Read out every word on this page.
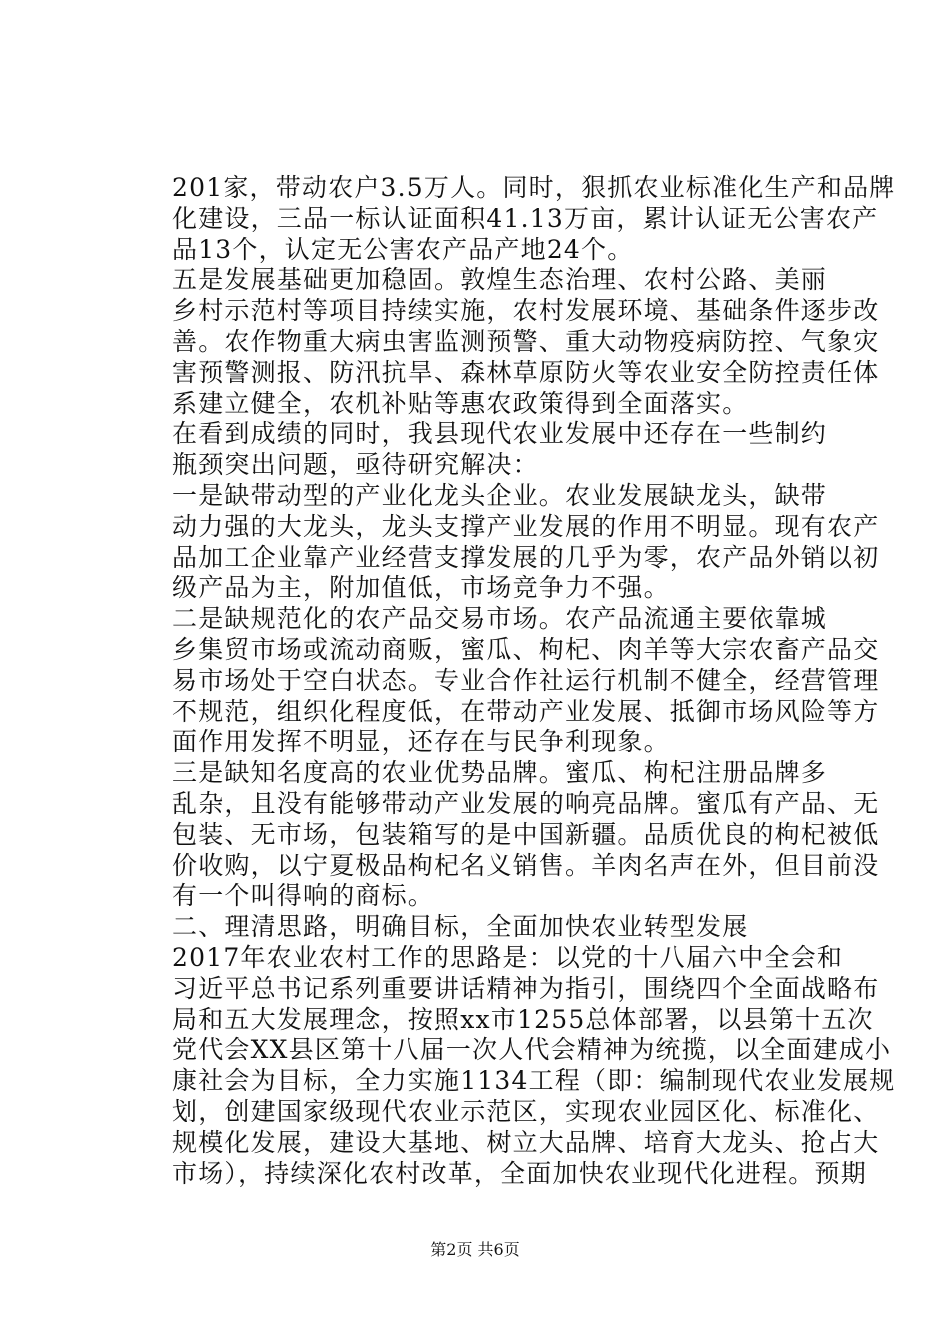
201家，带动农户3.5万人。同时，狠抓农业标准化生产和品牌
化建设，三品一标认证面积41.13万亩，累计认证无公害农产
品13个，认定无公害农产品产地24个。
五是发展基础更加稳固。敦煌生态治理、农村公路、美丽
乡村示范村等项目持续实施，农村发展环境、基础条件逐步改
善。农作物重大病虫害监测预警、重大动物疫病防控、气象灾
害预警测报、防汛抗旱、森林草原防火等农业安全防控责任体
系建立健全，农机补贴等惠农政策得到全面落实。
在看到成绩的同时，我县现代农业发展中还存在一些制约
瓶颈突出问题，亟待研究解决：
一是缺带动型的产业化龙头企业。农业发展缺龙头，缺带
动力强的大龙头，龙头支撑产业发展的作用不明显。现有农产
品加工企业靠产业经营支撑发展的几乎为零，农产品外销以初
级产品为主，附加值低，市场竞争力不强。
二是缺规范化的农产品交易市场。农产品流通主要依靠城
乡集贸市场或流动商贩，蜜瓜、枸杞、肉羊等大宗农畜产品交
易市场处于空白状态。专业合作社运行机制不健全，经营管理
不规范，组织化程度低，在带动产业发展、抵御市场风险等方
面作用发挥不明显，还存在与民争利现象。
三是缺知名度高的农业优势品牌。蜜瓜、枸杞注册品牌多
乱杂，且没有能够带动产业发展的响亮品牌。蜜瓜有产品、无
包装、无市场，包装箱写的是中国新疆。品质优良的枸杞被低
价收购，以宁夏极品枸杞名义销售。羊肉名声在外，但目前没
有一个叫得响的商标。
二、理清思路，明确目标，全面加快农业转型发展
2017年农业农村工作的思路是：以党的十八届六中全会和
习近平总书记系列重要讲话精神为指引，围绕四个全面战略布
局和五大发展理念，按照xx市1255总体部署，以县第十五次
党代会XX县区第十八届一次人代会精神为统揽，以全面建成小
康社会为目标，全力实施1134工程（即：编制现代农业发展规
划，创建国家级现代农业示范区，实现农业园区化、标准化、
规模化发展，建设大基地、树立大品牌、培育大龙头、抢占大
市场），持续深化农村改革，全面加快农业现代化进程。预期
第2页 共6页
